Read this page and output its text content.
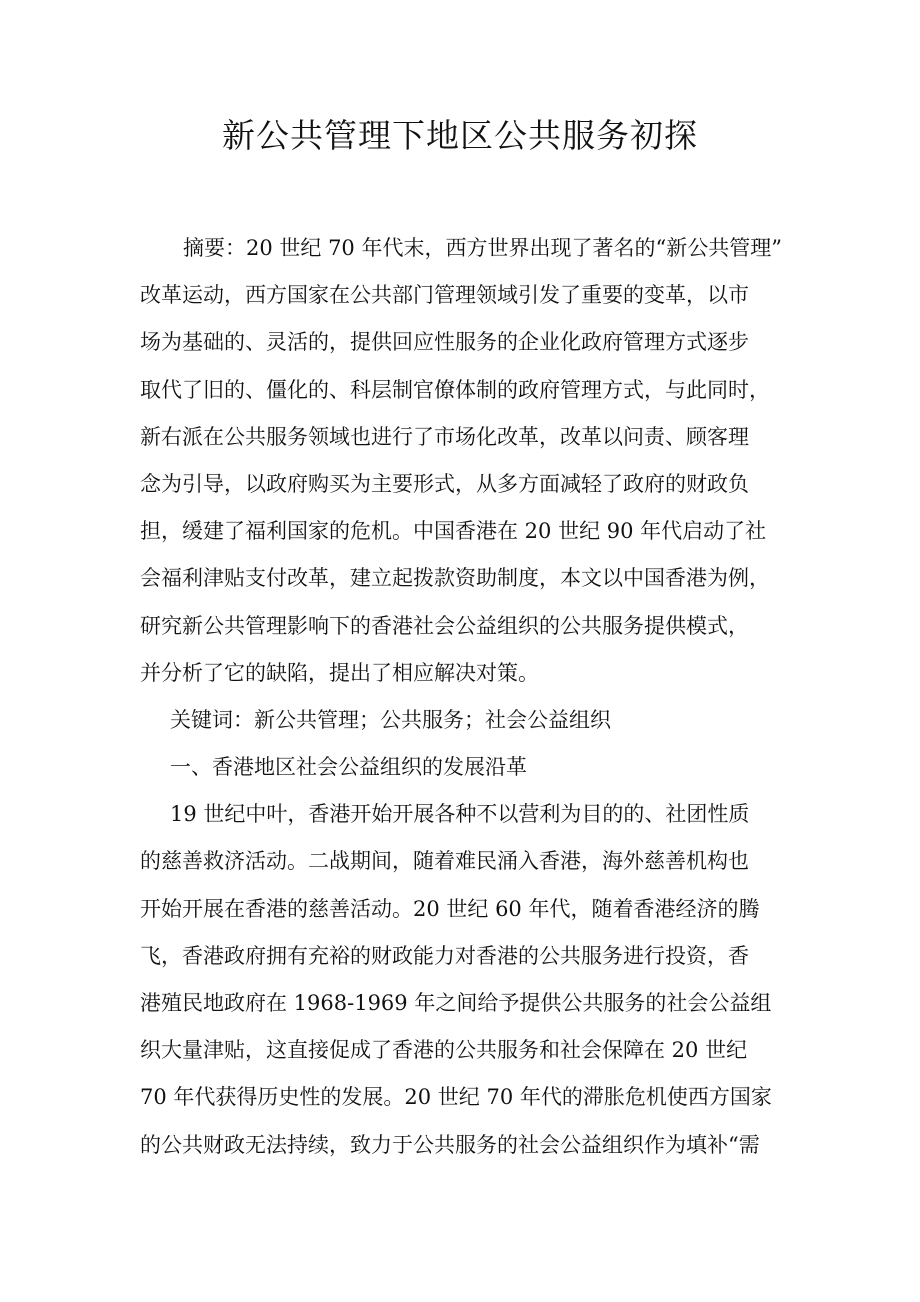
新公共管理下地区公共服务初探
摘要：20 世纪 70 年代末，西方世界出现了著名的“新公共管理”
改革运动，西方国家在公共部门管理领域引发了重要的变革，以市
场为基础的、灵活的，提供回应性服务的企业化政府管理方式逐步
取代了旧的、僵化的、科层制官僚体制的政府管理方式，与此同时，
新右派在公共服务领域也进行了市场化改革，改革以问责、顾客理
念为引导，以政府购买为主要形式，从多方面减轻了政府的财政负
担，缓建了福利国家的危机。中国香港在 20 世纪 90 年代启动了社
会福利津贴支付改革，建立起拨款资助制度，本文以中国香港为例，
研究新公共管理影响下的香港社会公益组织的公共服务提供模式，
并分析了它的缺陷，提出了相应解决对策。
关键词：新公共管理；公共服务；社会公益组织
一、香港地区社会公益组织的发展沿革
19 世纪中叶，香港开始开展各种不以营利为目的的、社团性质
的慈善救济活动。二战期间，随着难民涌入香港，海外慈善机构也
开始开展在香港的慈善活动。20 世纪 60 年代，随着香港经济的腾
飞，香港政府拥有充裕的财政能力对香港的公共服务进行投资，香
港殖民地政府在 1968-1969 年之间给予提供公共服务的社会公益组
织大量津贴，这直接促成了香港的公共服务和社会保障在 20 世纪
70 年代获得历史性的发展。20 世纪 70 年代的滞胀危机使西方国家
的公共财政无法持续，致力于公共服务的社会公益组织作为填补“需
